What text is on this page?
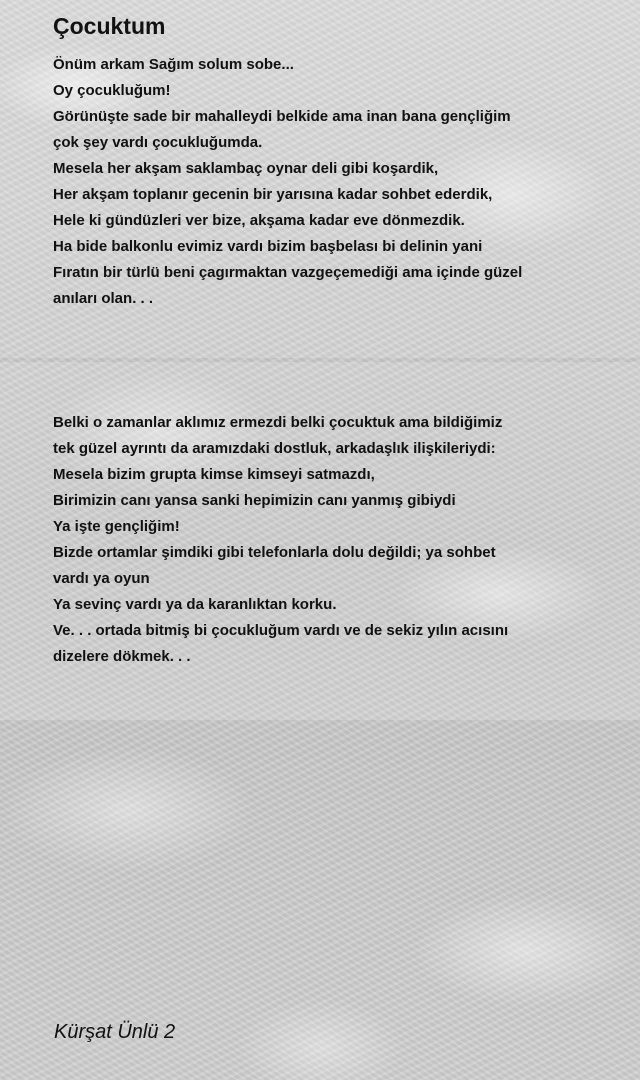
Çocuktum
Önüm arkam Sağım solum sobe...
Oy çocukluğum!
Görünüşte sade bir mahalleydi belkide ama inan bana gençliğim
çok şey vardı çocukluğumda.
Mesela her akşam saklambaç oynar deli gibi koşardik,
Her akşam toplanır gecenin bir yarısına kadar sohbet ederdik,
Hele ki gündüzleri ver bize, akşama kadar eve dönmezdik.
Ha bide balkonlu evimiz vardı bizim başbelası bi delinin yani
Fıratın bir türlü beni çagırmaktan vazgeçemediği ama içinde güzel
anıları olan. . .
Belki o zamanlar aklımız ermezdi belki çocuktuk ama bildiğimiz
tek güzel ayrıntı da aramızdaki dostluk, arkadaşlık ilişkileriydi:
Mesela bizim grupta kimse kimseyi satmazdı,
Birimizin canı yansa sanki hepimizin canı yanmış gibiydi
Ya işte gençliğim!
Bizde ortamlar şimdiki gibi telefonlarla dolu değildi; ya sohbet
vardı ya oyun
Ya sevinç vardı ya da karanlıktan korku.
Ve. . . ortada bitmiş bi çocukluğum vardı ve de sekiz yılın acısını
dizelere dökmek. . .
Kürşat Ünlü 2
